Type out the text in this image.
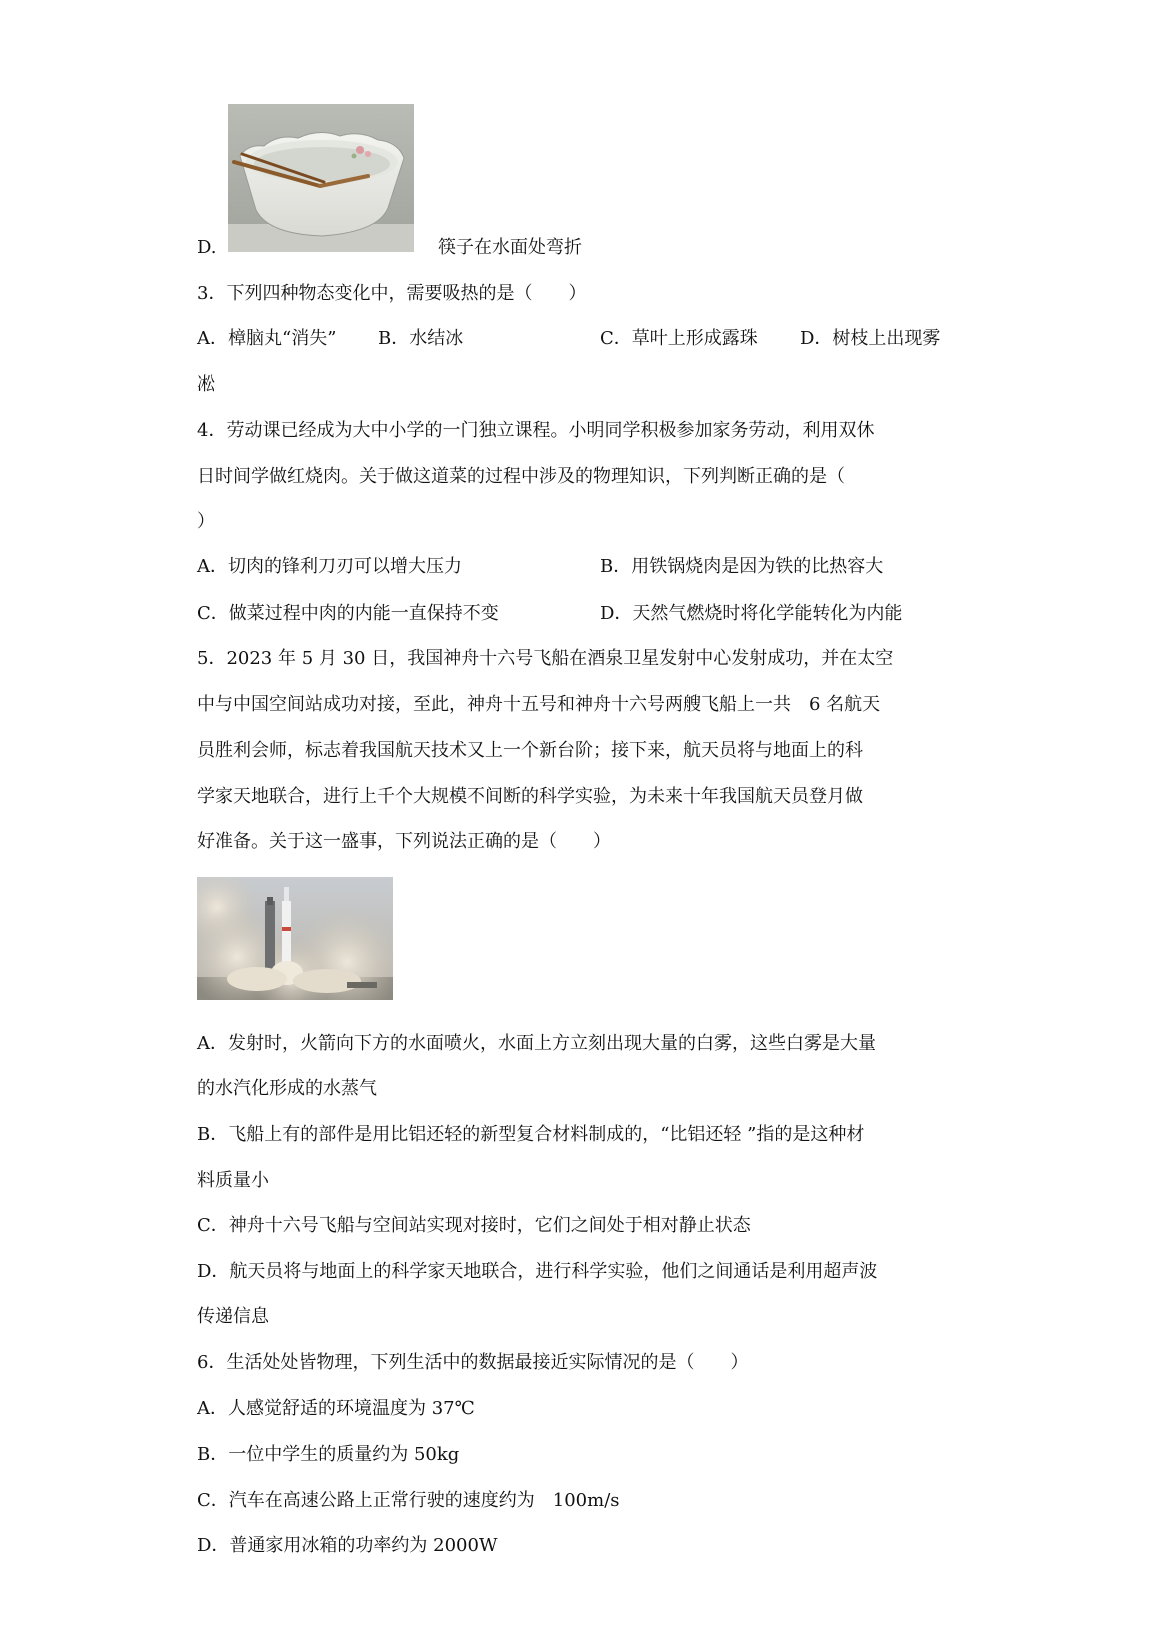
D.	筷子在水面处弯折
3．下列四种物态变化中，需要吸热的是（　　）
A．樟脑丸“消失” B．水结冰	C．草叶上形成露珠 D．树枝上出现雾
凇
4．劳动课已经成为大中小学的一门独立课程。小明同学积极参加家务劳动，利用双休
日时间学做红烧肉。关于做这道菜的过程中涉及的物理知识，下列判断正确的是（
）
A．切肉的锋利刀刃可以增大压力	B．用铁锅烧肉是因为铁的比热容大
C．做菜过程中肉的内能一直保持不变	D．天然气燃烧时将化学能转化为内能
5．2023 年 5 月 30 日，我国神舟十六号飞船在酒泉卫星发射中心发射成功，并在太空
中与中国空间站成功对接，至此，神舟十五号和神舟十六号两艘飞船上一共　6 名航天
员胜利会师，标志着我国航天技术又上一个新台阶；接下来，航天员将与地面上的科
学家天地联合，进行上千个大规模不间断的科学实验，为未来十年我国航天员登月做
好准备。关于这一盛事，下列说法正确的是（　　）
A．发射时，火箭向下方的水面喷火，水面上方立刻出现大量的白雾，这些白雾是大量
的水汽化形成的水蒸气
B．飞船上有的部件是用比铝还轻的新型复合材料制成的，“比铝还轻 ”指的是这种材
料质量小
C．神舟十六号飞船与空间站实现对接时，它们之间处于相对静止状态
D．航天员将与地面上的科学家天地联合，进行科学实验，他们之间通话是利用超声波
传递信息
6．生活处处皆物理，下列生活中的数据最接近实际情况的是（　　）
A．人感觉舒适的环境温度为 37℃
B．一位中学生的质量约为 50kg
C．汽车在高速公路上正常行驶的速度约为　100m/s
D．普通家用冰箱的功率约为 2000W
